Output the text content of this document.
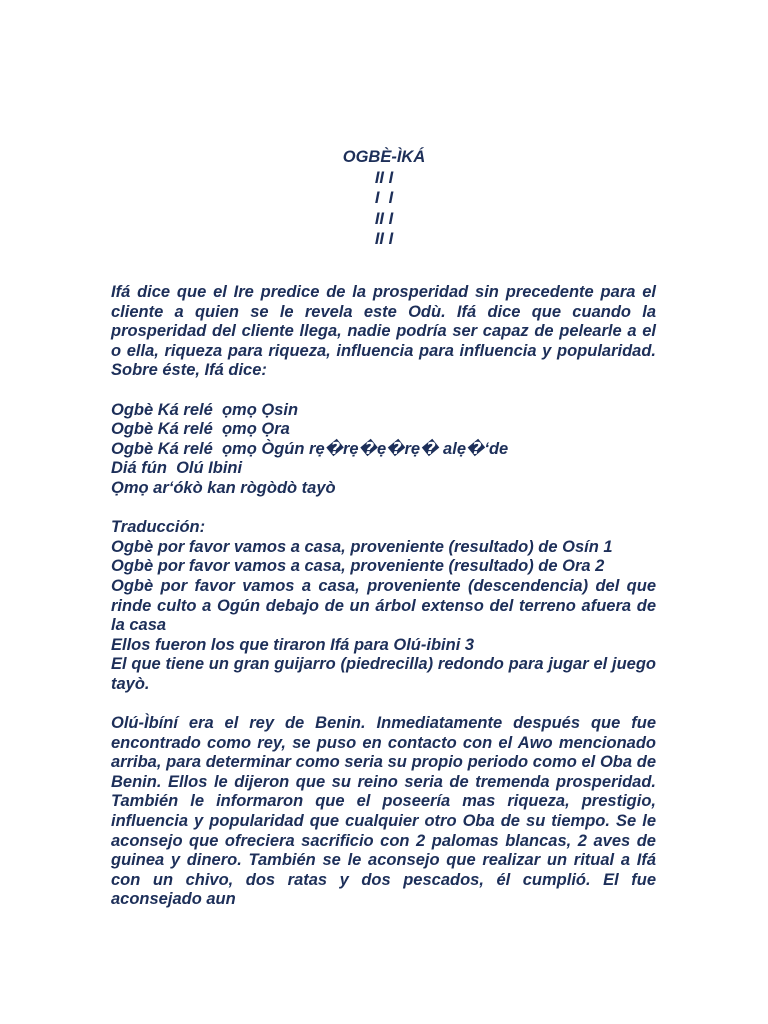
OGBÈ-ÌKÁ
II I
I  I
II I
II I

Ifá dice que el Ire predice de la prosperidad sin precedente para el cliente a quien se le revela este Odù. Ifá dice que cuando la prosperidad del cliente llega, nadie podría ser capaz de pelearle a el o ella, riqueza para riqueza, influencia para influencia y popularidad. Sobre éste, Ifá dice:

Ogbè Ká relé  ọmọ Ọsin
Ogbè Ká relé  ọmọ Ọra
Ogbè Ká relé  ọmọ Ògún rẹ�rẹ�ẹ�rẹ� alẹ�‘de
Diá fún  Olú Ibini
Ọmọ ar‘ókò kan rògòdò tayò
Traducción:

Ogbè por favor vamos a casa, proveniente (resultado) de Osín 1

Ogbè por favor vamos a casa, proveniente (resultado) de Ora 2

Ogbè por favor vamos a casa, proveniente (descendencia) del que rinde culto a Ogún debajo de un árbol extenso del terreno afuera de la casa

Ellos fueron los que tiraron Ifá para Olú-ibini 3

El que tiene un gran guijarro (piedrecilla) redondo para jugar el juego tayò.

Olú-Ìbíní era el rey de Benin. Inmediatamente después que fue encontrado como rey, se puso en contacto con el Awo mencionado arriba, para determinar como seria su propio periodo como el Oba de Benin. Ellos le dijeron que su reino seria de tremenda prosperidad. También le informaron que el poseería mas riqueza, prestigio, influencia y popularidad que cualquier otro Oba de su tiempo. Se le aconsejo que ofreciera sacrificio con 2 palomas blancas, 2 aves de guinea y dinero. También se le aconsejo que realizar un ritual a Ifá con un chivo, dos ratas y dos pescados, él cumplió. El fue aconsejado aun
